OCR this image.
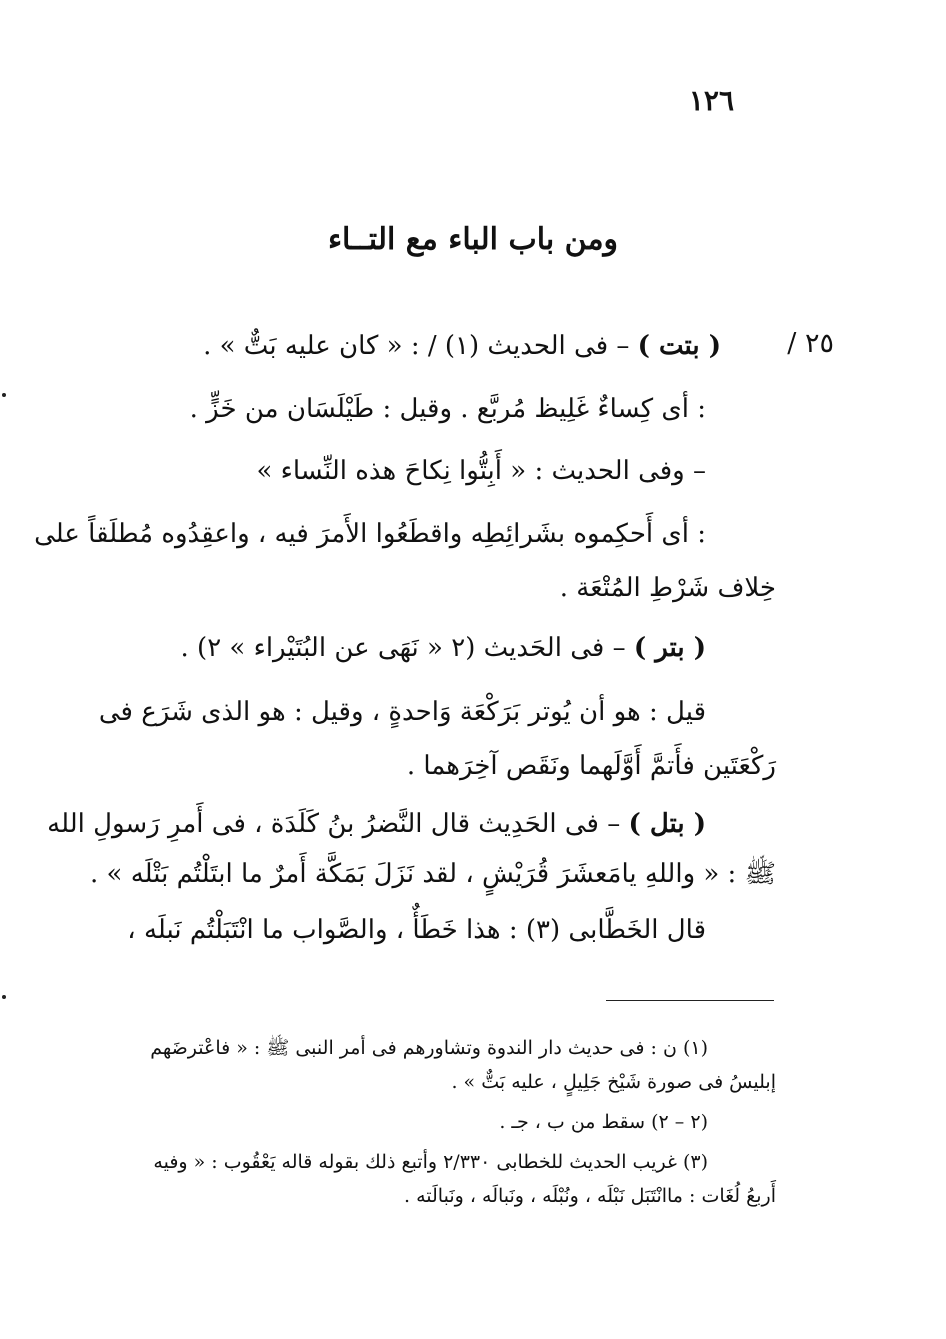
١٢٦
ومن باب الباء مع التــاء
٢٥ /
( بتت ) – فى الحديث (١) / : « كان عليه بَتٌّ » .
: أى كِساءٌ غَلِيظ مُربَّع . وقيل : طَيْلَسَان من خَزٍّ .
– وفى الحديث : « أَبِتُّوا نِكاحَ هذه النِّساء »
: أى أَحكِموه بشَرائِطِه واقطَعُوا الأَمرَ فيه ، واعقِدُوه مُطلَقاً على
خِلاف شَرْطِ المُتْعَة .
( بتر ) – فى الحَديث (٢ « نَهَى عن البُتَيْراء » ٢) .
قيل : هو أن يُوتر بَرَكْعَة وَاحدةٍ ، وقيل : هو الذى شَرَع فى
رَكْعَتَين فأَتمَّ أَوَّلَهما ونَقَص آخِرَهما .
( بتل ) – فى الحَدِيث قال النَّضرُ بنُ كَلَدَة ، فى أَمرِ رَسولِ الله
ﷺ : « واللهِ يامَعشَرَ قُرَيْشٍ ، لقد نَزَلَ بَمَكَّة أَمرٌ ما ابتَلْتُم بَتْلَه » .
قال الخَطَّابى (٣) : هذا خَطَأٌ ، والصَّواب ما انْتَبَلْتُم نَبلَه ،
(١) ن : فى حديث دار الندوة وتشاورهم فى أمر النبى ﷺ : « فاعْترضَهم
إبليسُ فى صورة شَيْخ جَلِيلٍ ، عليه بَتٌّ » .
(٢ – ٢) سقط من ب ، جـ .
(٣) غريب الحديث للخطابى ٢/٣٣٠ وأتبع ذلك بقوله قاله يَعْقُوب : « وفيه
أَربعُ لُغَات : ماانْتَبَل نَبْلَه ، ونُبْلَه ، ونَبالَه ، ونَبالَته .
